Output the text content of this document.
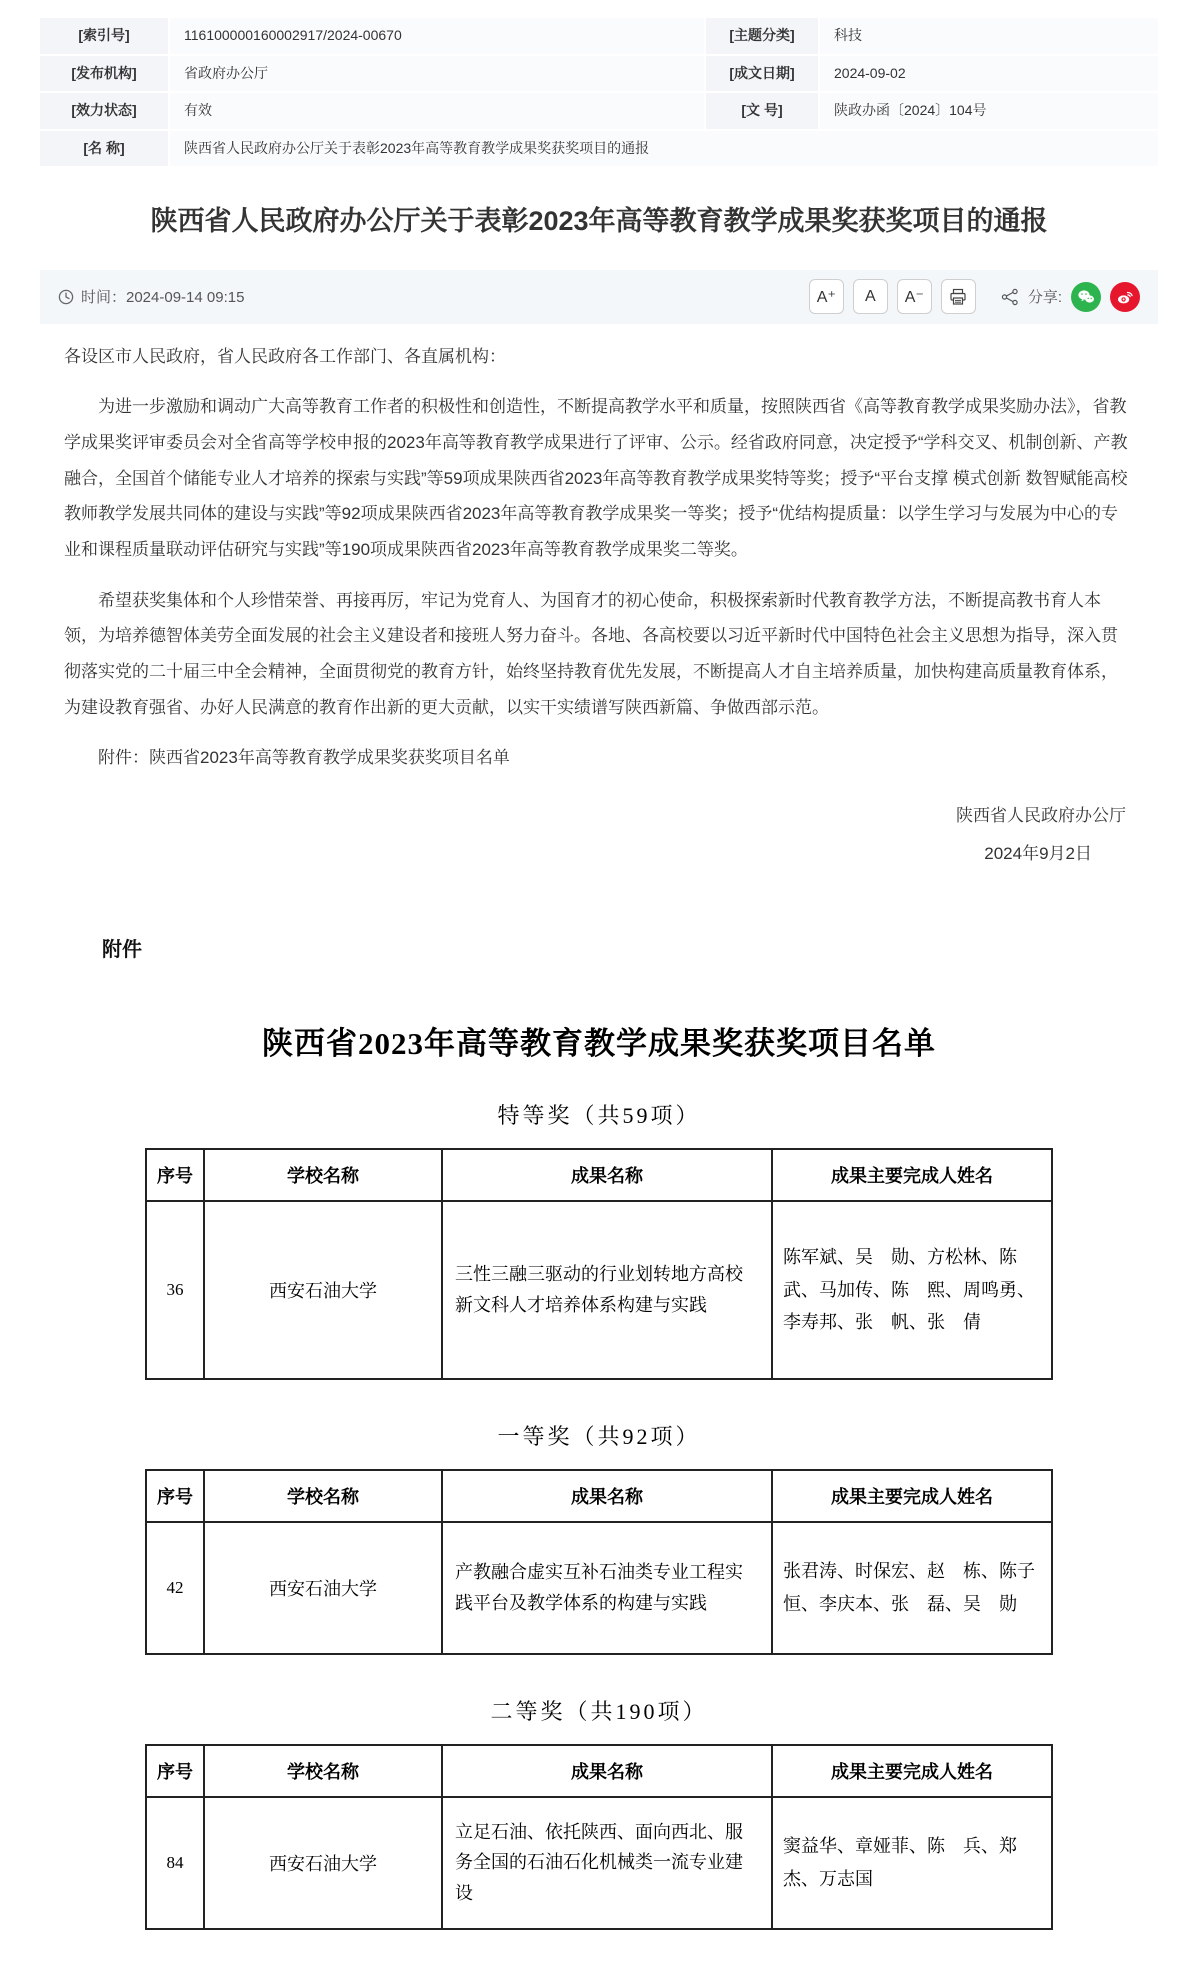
[索引号]	116100000160002917/2024-00670	[主题分类]	科技
[发布机构]	省政府办公厅	[成文日期]	2024-09-02
[效力状态]	有效	[文 号]	陕政办函〔2024〕104号
[名 称]	陕西省人民政府办公厅关于表彰2023年高等教育教学成果奖获奖项目的通报
陕西省人民政府办公厅关于表彰2023年高等教育教学成果奖获奖项目的通报
时间：2024-09-14 09:15	A⁺	A	A⁻	分享:

各设区市人民政府，省人民政府各工作部门、各直属机构：

为进一步激励和调动广大高等教育工作者的积极性和创造性，不断提高教学水平和质量，按照陕西省《高等教育教学成果奖励办法》，省教学成果奖评审委员会对全省高等学校申报的2023年高等教育教学成果进行了评审、公示。经省政府同意，决定授予“学科交叉、机制创新、产教融合，全国首个储能专业人才培养的探索与实践”等59项成果陕西省2023年高等教育教学成果奖特等奖；授予“平台支撑 模式创新 数智赋能高校教师教学发展共同体的建设与实践”等92项成果陕西省2023年高等教育教学成果奖一等奖；授予“优结构提质量：以学生学习与发展为中心的专业和课程质量联动评估研究与实践”等190项成果陕西省2023年高等教育教学成果奖二等奖。

希望获奖集体和个人珍惜荣誉、再接再厉，牢记为党育人、为国育才的初心使命，积极探索新时代教育教学方法，不断提高教书育人本领，为培养德智体美劳全面发展的社会主义建设者和接班人努力奋斗。各地、各高校要以习近平新时代中国特色社会主义思想为指导，深入贯彻落实党的二十届三中全会精神，全面贯彻党的教育方针，始终坚持教育优先发展，不断提高人才自主培养质量，加快构建高质量教育体系，为建设教育强省、办好人民满意的教育作出新的更大贡献，以实干实绩谱写陕西新篇、争做西部示范。

附件：陕西省2023年高等教育教学成果奖获奖项目名单

陕西省人民政府办公厅
2024年9月2日
附件
陕西省2023年高等教育教学成果奖获奖项目名单
特等奖（共59项）
序号	学校名称	成果名称	成果主要完成人姓名
36	西安石油大学	三性三融三驱动的行业划转地方高校新文科人才培养体系构建与实践	陈军斌、吴　勋、方松林、陈　武、马加传、陈　熙、周鸣勇、李寿邦、张　帆、张　倩
一等奖（共92项）
序号	学校名称	成果名称	成果主要完成人姓名
42	西安石油大学	产教融合虚实互补石油类专业工程实践平台及教学体系的构建与实践	张君涛、时保宏、赵　栋、陈子恒、李庆本、张　磊、吴　勋
二等奖（共190项）
序号	学校名称	成果名称	成果主要完成人姓名
84	西安石油大学	立足石油、依托陕西、面向西北、服务全国的石油石化机械类一流专业建设	窦益华、章娅菲、陈　兵、郑　杰、万志国
